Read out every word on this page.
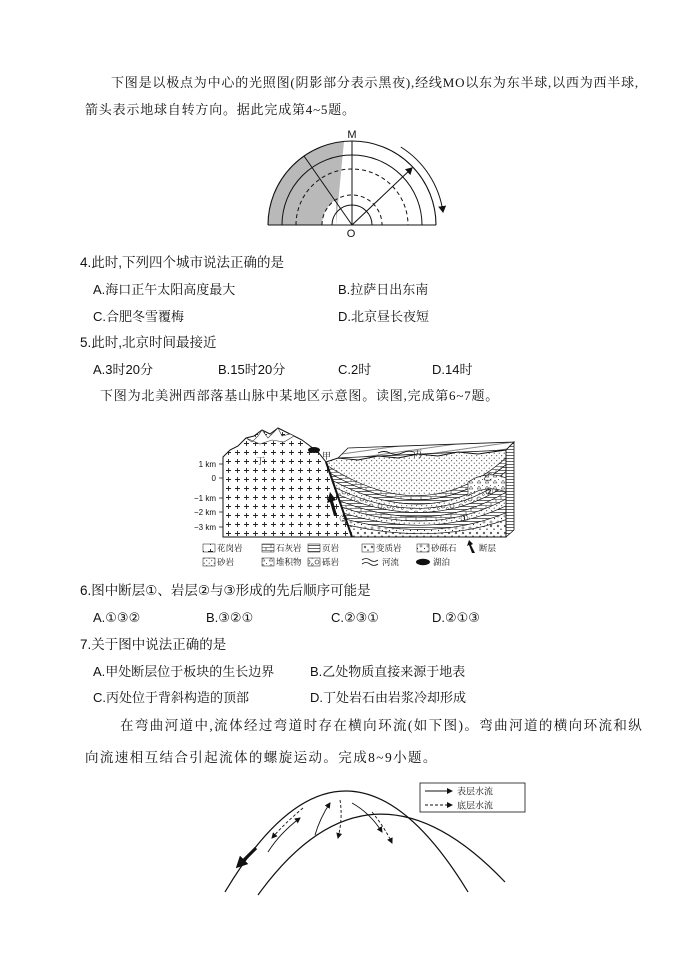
下图是以极点为中心的光照图(阴影部分表示黑夜),经线MO以东为东半球,以西为西半球,箭头表示地球自转方向。据此完成第4~5题。

M
O
4.此时,下列四个城市说法正确的是
A.海口正午太阳高度最大	B.拉萨日出东南
C.合肥冬雪覆梅	D.北京昼长夜短
5.此时,北京时间最接近
A.3时20分	B.15时20分	C.2时	D.14时

下图为北美洲西部落基山脉中某地区示意图。读图,完成第6~7题。

1 km
0
−1 km
−2 km
−3 km
甲
乙
丙
丁
①
②
③
花岗岩	石灰岩 页岩	变质岩	砂砾石	断层
砂岩	堆积物 砾岩	河流	湖泊
6.图中断层①、岩层②与③形成的先后顺序可能是
A.①③②	B.③②①	C.②③①	D.②①③
7.关于图中说法正确的是
A.甲处断层位于板块的生长边界	B.乙处物质直接来源于地表
C.丙处位于背斜构造的顶部	D.丁处岩石由岩浆冷却形成

在弯曲河道中,流体经过弯道时存在横向环流(如下图)。弯曲河道的横向环流和纵向流速相互结合引起流体的螺旋运动。完成8~9小题。

表层水流
底层水流
